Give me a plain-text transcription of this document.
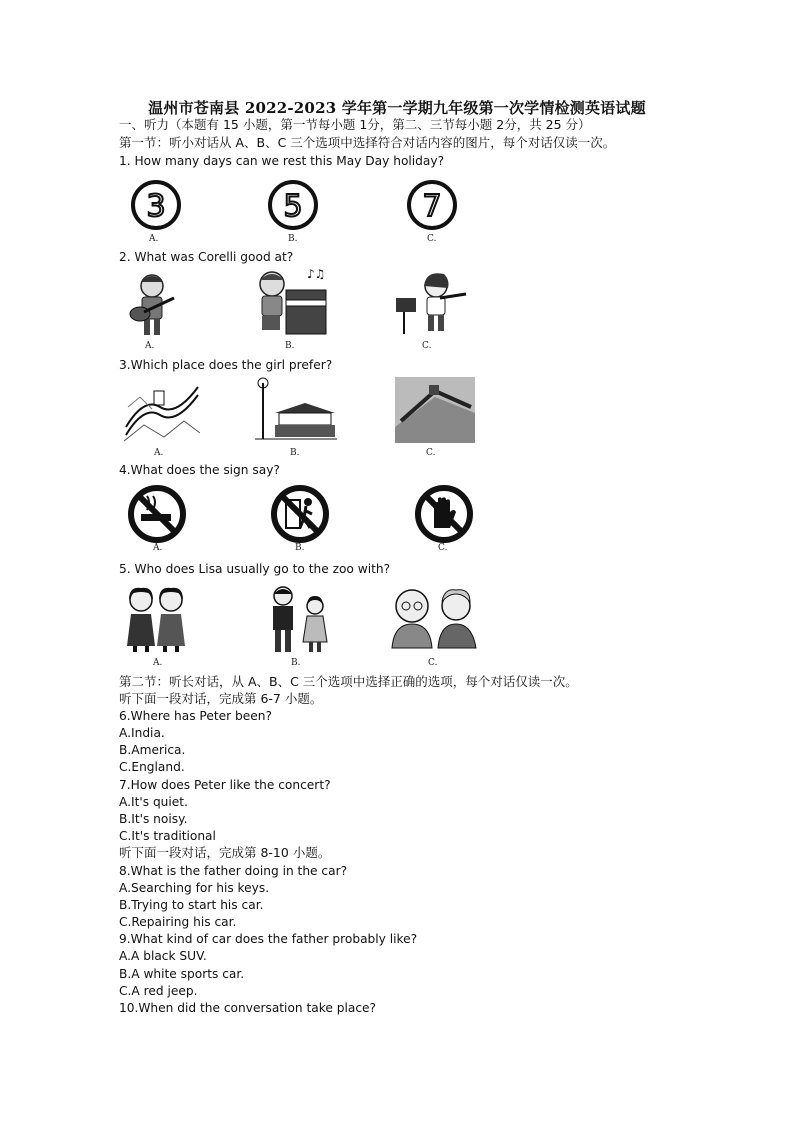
温州市苍南县 2022-2023 学年第一学期九年级第一次学情检测英语试题
一、听力（本题有 15 小题，第一节每小题 1分，第二、三节每小题 2分，共 25 分）
第一节：听小对话从 A、B、C 三个选项中选择符合对话内容的图片，每个对话仅读一次。
1. How many days can we rest this May Day holiday?
3
A.
5
B.
7
C.
2. What was Corelli good at?
A.
♪♫
B.	C.
3.Which place does the girl prefer?
A.	B.	C.
4.What does the sign say?
A.	B.	C.
5. Who does Lisa usually go to the zoo with?
A.	B.	C.
第二节：听长对话，从 A、B、C 三个选项中选择正确的选项，每个对话仅读一次。
听下面一段对话，完成第 6-7 小题。
6.Where has Peter been?
A.India.
B.America.
C.England.
7.How does Peter like the concert?
A.It's quiet.
B.It's noisy.
C.It's traditional
听下面一段对话，完成第 8-10 小题。
8.What is the father doing in the car?
A.Searching for his keys.
B.Trying to start his car.
C.Repairing his car.
9.What kind of car does the father probably like?
A.A black SUV.
B.A white sports car.
C.A red jeep.
10.When did the conversation take place?
